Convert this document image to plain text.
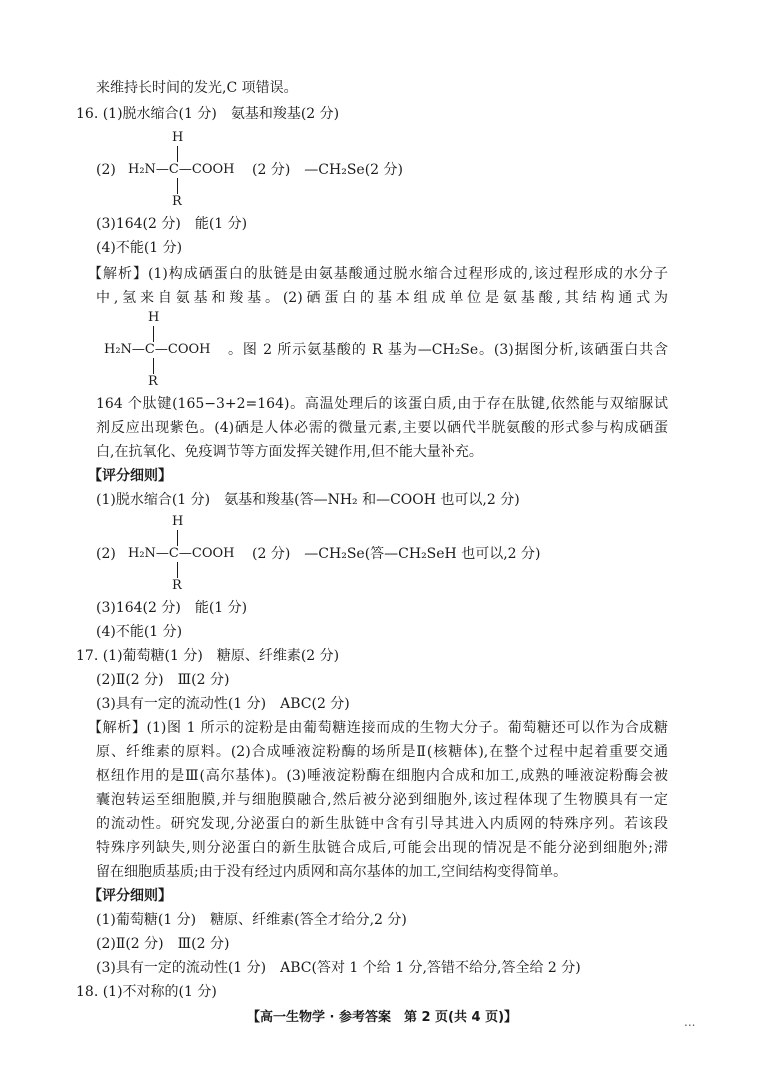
来维持长时间的发光,C 项错误。
16. (1)脱水缩合(1 分)　氨基和羧基(2 分)
(2)
H
H₂N—C—COOH
R
(2 分)　—CH₂Se(2 分)
(3)164(2 分)　能(1 分)
(4)不能(1 分)
【解析】(1)构成硒蛋白的肽链是由氨基酸通过脱水缩合过程形成的,该过程形成的水分子
中,氢来自氨基和羧基。(2)硒蛋白的基本组成单位是氨基酸,其结构通式为
H
H₂N—C—COOH
R
。图 2 所示氨基酸的 R 基为—CH₂Se。(3)据图分析,该硒蛋白共含
164 个肽键(165−3+2=164)。高温处理后的该蛋白质,由于存在肽键,依然能与双缩脲试
剂反应出现紫色。(4)硒是人体必需的微量元素,主要以硒代半胱氨酸的形式参与构成硒蛋
白,在抗氧化、免疫调节等方面发挥关键作用,但不能大量补充。
【评分细则】
(1)脱水缩合(1 分)　氨基和羧基(答—NH₂ 和—COOH 也可以,2 分)
(2)
H
H₂N—C—COOH
R
(2 分)　—CH₂Se(答—CH₂SeH 也可以,2 分)
(3)164(2 分)　能(1 分)
(4)不能(1 分)
17. (1)葡萄糖(1 分)　糖原、纤维素(2 分)
(2)Ⅱ(2 分)　Ⅲ(2 分)
(3)具有一定的流动性(1 分)　ABC(2 分)
【解析】(1)图 1 所示的淀粉是由葡萄糖连接而成的生物大分子。葡萄糖还可以作为合成糖
原、纤维素的原料。(2)合成唾液淀粉酶的场所是Ⅱ(核糖体),在整个过程中起着重要交通
枢纽作用的是Ⅲ(高尔基体)。(3)唾液淀粉酶在细胞内合成和加工,成熟的唾液淀粉酶会被
囊泡转运至细胞膜,并与细胞膜融合,然后被分泌到细胞外,该过程体现了生物膜具有一定
的流动性。研究发现,分泌蛋白的新生肽链中含有引导其进入内质网的特殊序列。若该段
特殊序列缺失,则分泌蛋白的新生肽链合成后,可能会出现的情况是不能分泌到细胞外;滞
留在细胞质基质;由于没有经过内质网和高尔基体的加工,空间结构变得简单。
【评分细则】
(1)葡萄糖(1 分)　糖原、纤维素(答全才给分,2 分)
(2)Ⅱ(2 分)　Ⅲ(2 分)
(3)具有一定的流动性(1 分)　ABC(答对 1 个给 1 分,答错不给分,答全给 2 分)
18. (1)不对称的(1 分)
【高一生物学 · 参考答案　第 2 页(共 4 页)】	...
